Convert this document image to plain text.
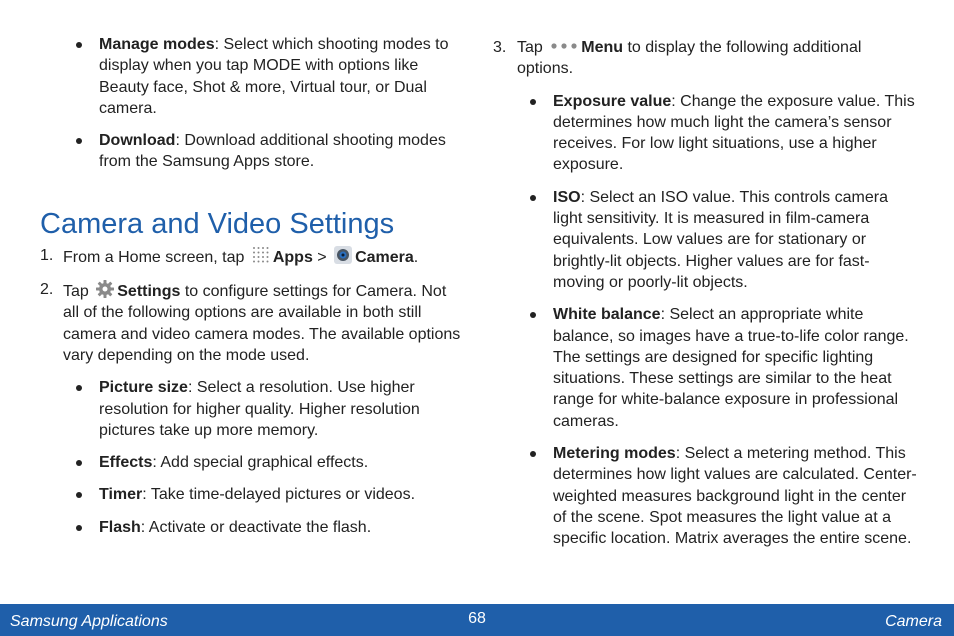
Manage modes: Select which shooting modes to display when you tap MODE with options like Beauty face, Shot & more, Virtual tour, or Dual camera.
Download: Download additional shooting modes from the Samsung Apps store.
Camera and Video Settings
1. From a Home screen, tap Apps > Camera.
2. Tap Settings to configure settings for Camera. Not all of the following options are available in both still camera and video camera modes. The available options vary depending on the mode used.
Picture size: Select a resolution. Use higher resolution for higher quality. Higher resolution pictures take up more memory.
Effects: Add special graphical effects.
Timer: Take time-delayed pictures or videos.
Flash: Activate or deactivate the flash.
3. Tap Menu to display the following additional options.
Exposure value: Change the exposure value. This determines how much light the camera’s sensor receives. For low light situations, use a higher exposure.
ISO: Select an ISO value. This controls camera light sensitivity. It is measured in film-camera equivalents. Low values are for stationary or brightly-lit objects. Higher values are for fast-moving or poorly-lit objects.
White balance: Select an appropriate white balance, so images have a true-to-life color range. The settings are designed for specific lighting situations. These settings are similar to the heat range for white-balance exposure in professional cameras.
Metering modes: Select a metering method. This determines how light values are calculated. Center-weighted measures background light in the center of the scene. Spot measures the light value at a specific location. Matrix averages the entire scene.
Samsung Applications	68	Camera
